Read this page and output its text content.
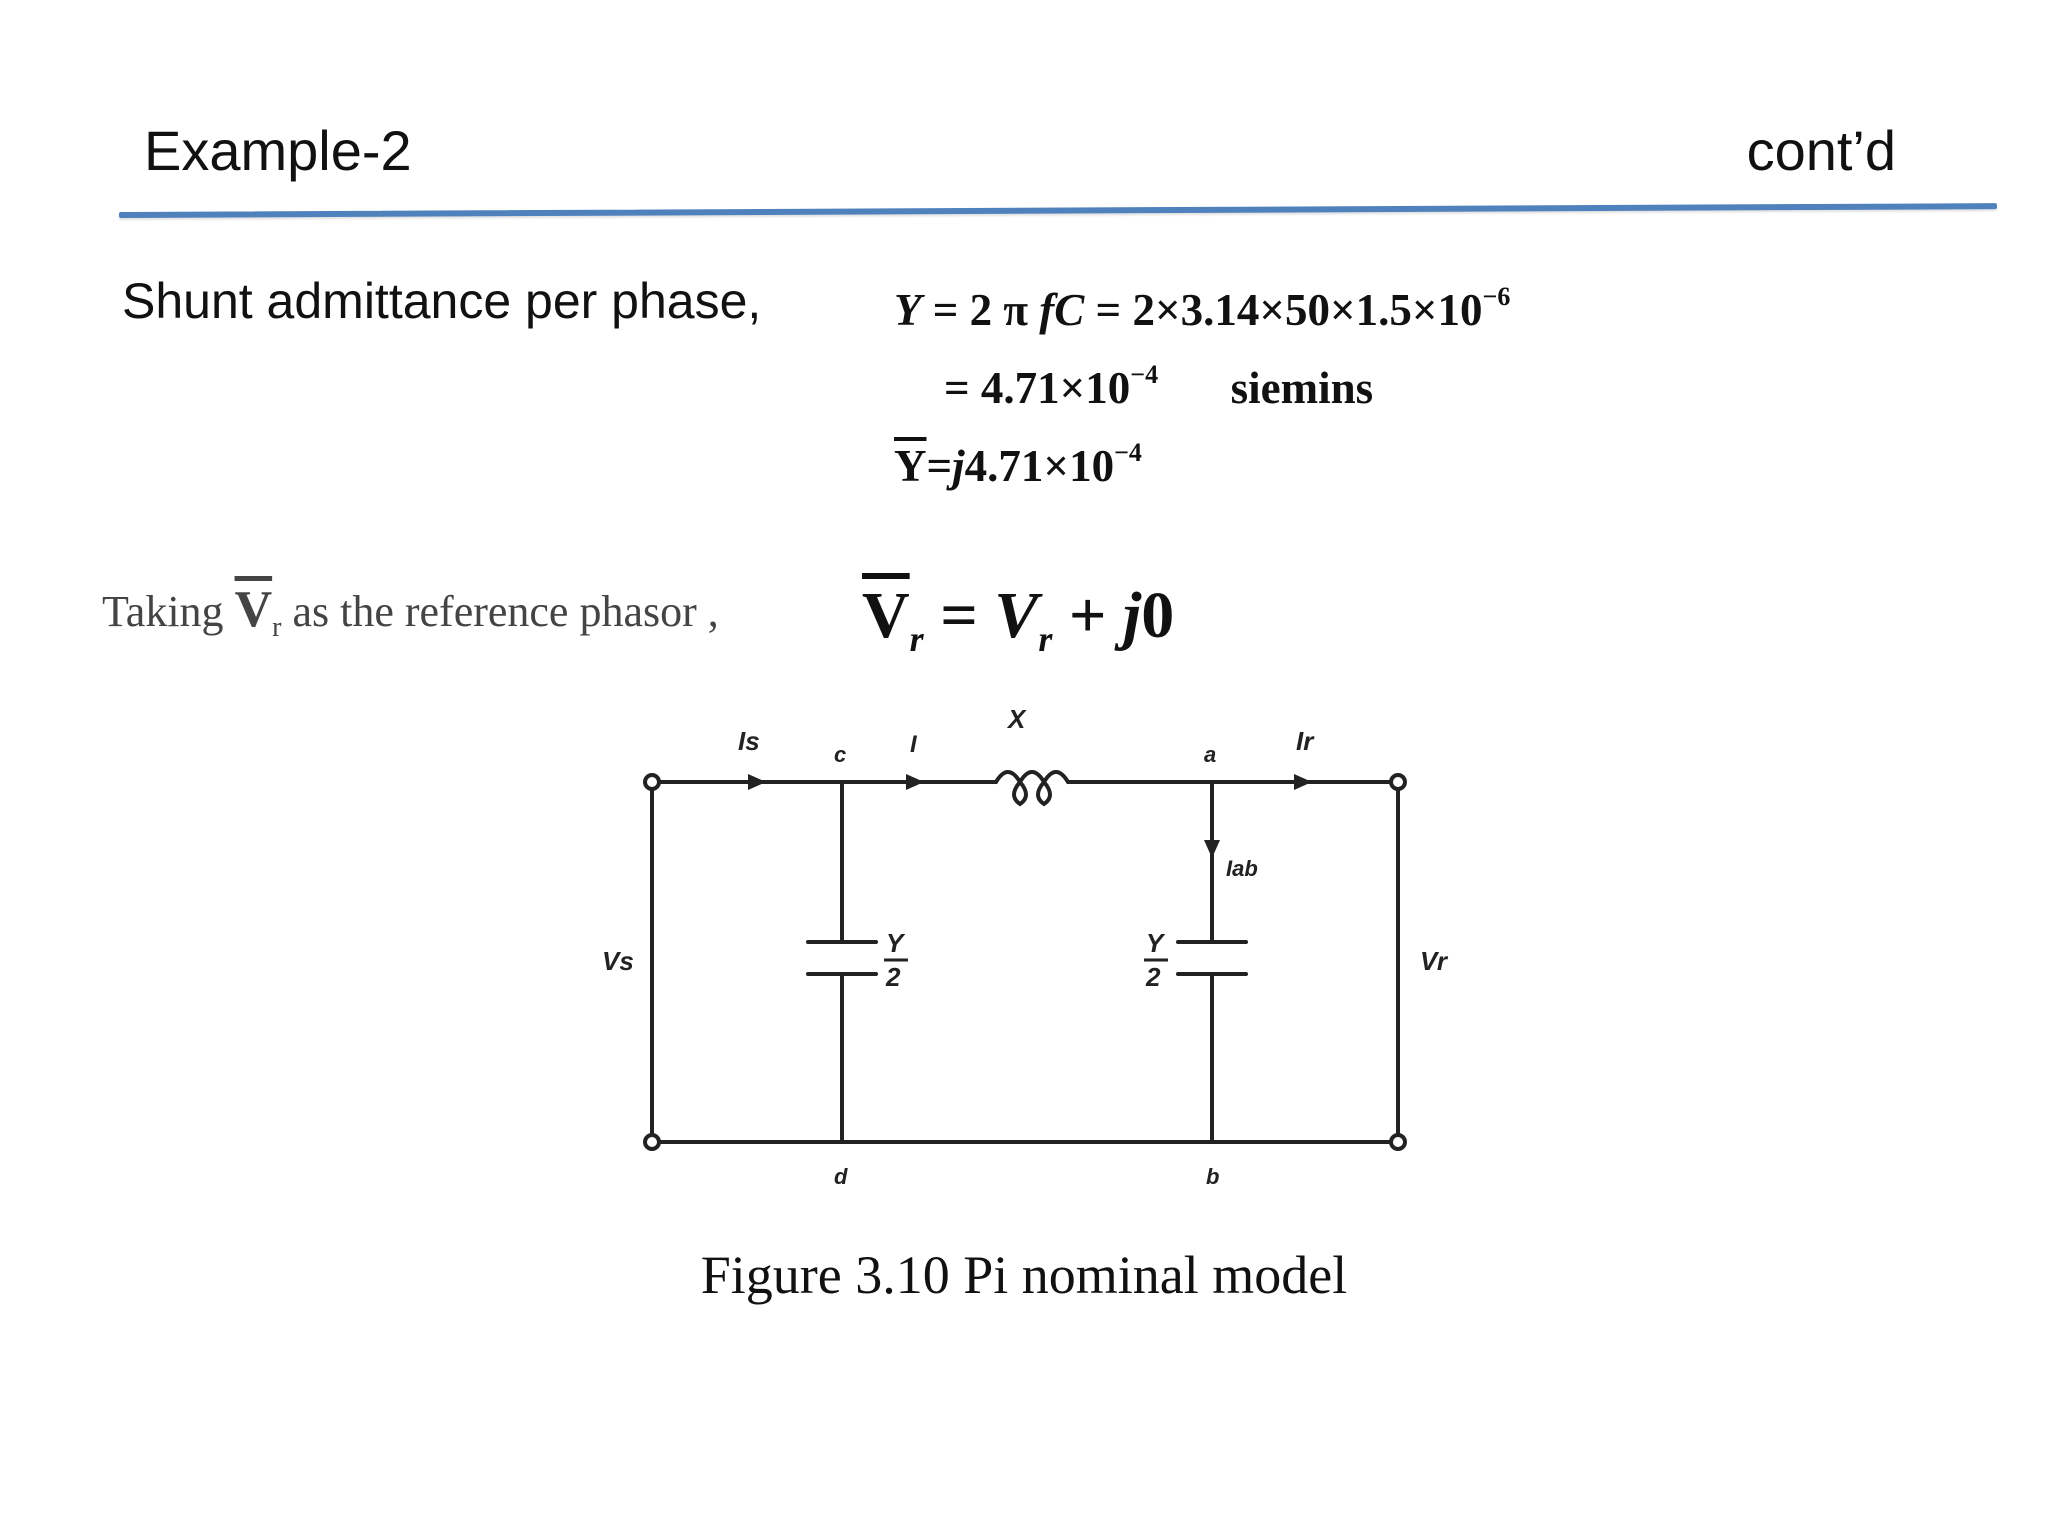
Example-2	cont’d
Shunt admittance per phase,	Y = 2 π fC = $2\times 3.14\times 50\times 1.5\times 10^{-6}$
= $4.71\times 10^{-4}$ siemins
$\overline{Y}=j4.71\times 10^{-4}$
Taking $\overline{V}_r$ as the reference phasor , $\overline{V}_r = V_r + j0$
Is	c	I
X
a	Ir
Iab
Vs	Vr
Y
2
Y
2
d	b
Figure 3.10 Pi nominal model
